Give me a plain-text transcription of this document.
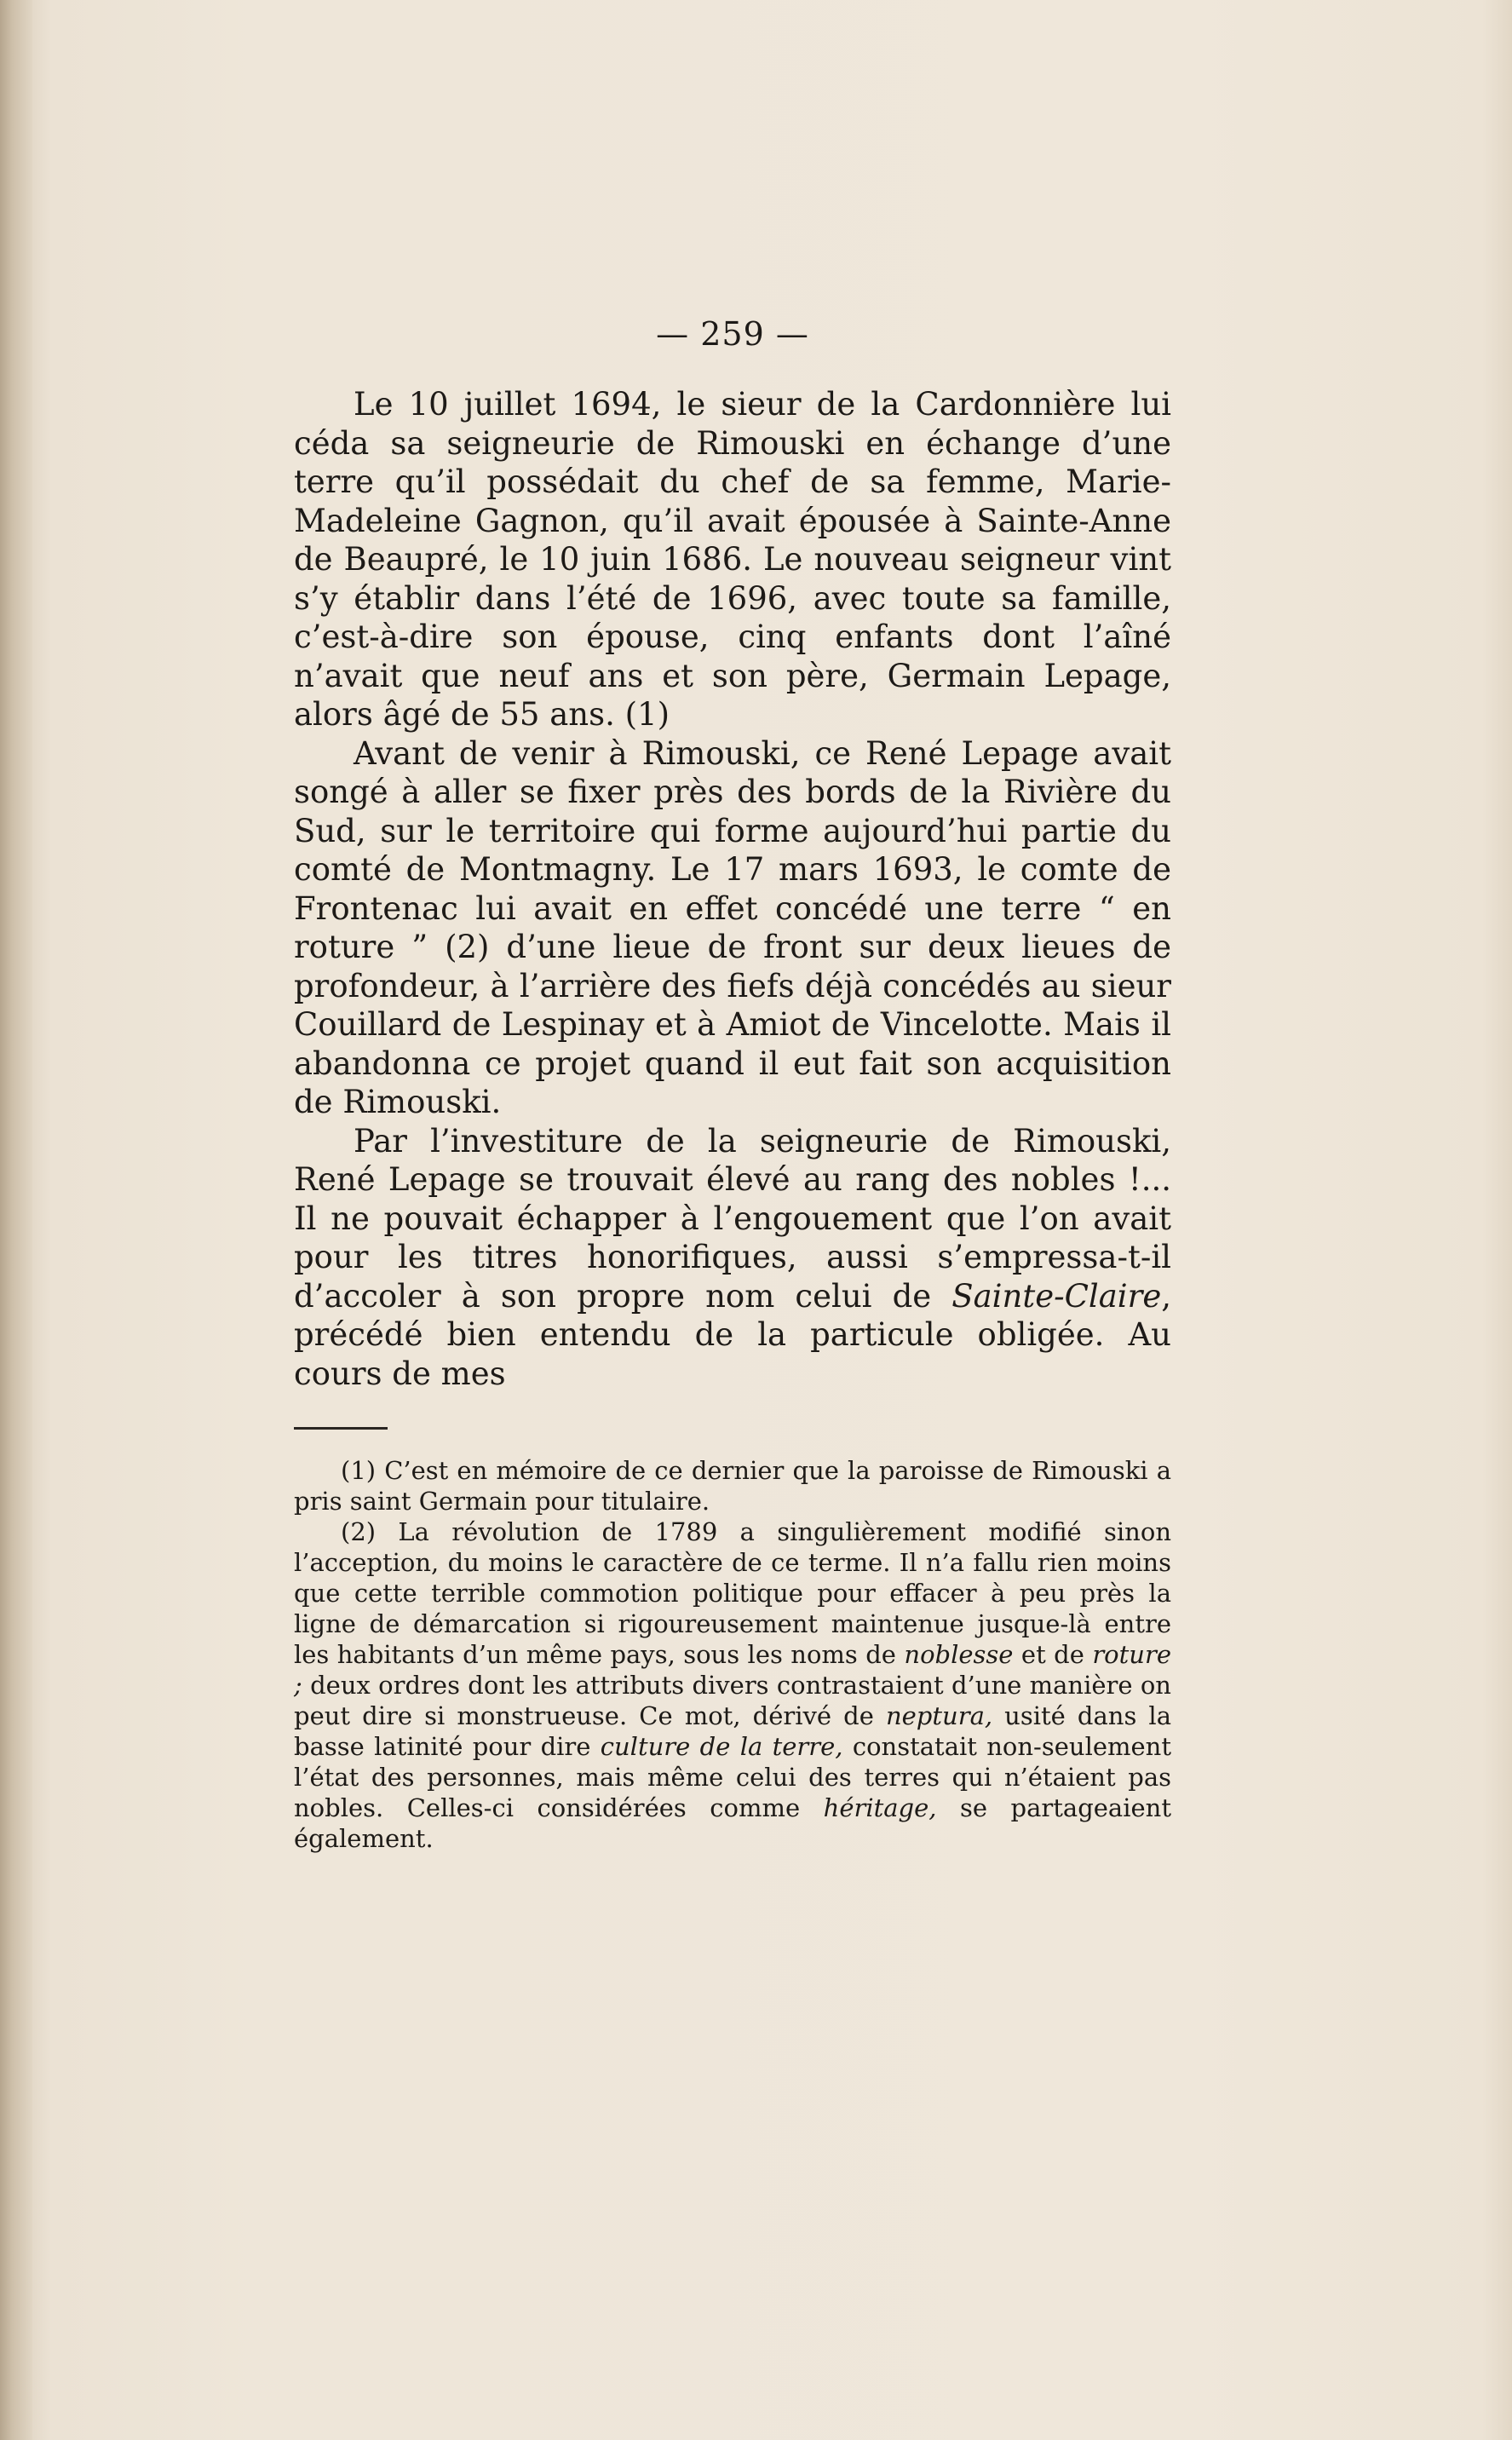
— 259 —

Le 10 juillet 1694, le sieur de la Cardonnière lui céda sa seigneurie de Rimouski en échange d’une terre qu’il possédait du chef de sa femme, Marie-Madeleine Gagnon, qu’il avait épousée à Sainte-Anne de Beaupré, le 10 juin 1686. Le nouveau seigneur vint s’y établir dans l’été de 1696, avec toute sa famille, c’est-à-dire son épouse, cinq enfants dont l’aîné n’avait que neuf ans et son père, Germain Lepage, alors âgé de 55 ans. (1)

Avant de venir à Rimouski, ce René Lepage avait songé à aller se fixer près des bords de la Rivière du Sud, sur le territoire qui forme aujourd’hui partie du comté de Montmagny. Le 17 mars 1693, le comte de Frontenac lui avait en effet concédé une terre “ en roture ” (2) d’une lieue de front sur deux lieues de profondeur, à l’arrière des fiefs déjà concédés au sieur Couillard de Lespinay et à Amiot de Vincelotte. Mais il abandonna ce projet quand il eut fait son acquisition de Rimouski.

Par l’investiture de la seigneurie de Rimouski, René Lepage se trouvait élevé au rang des nobles !... Il ne pouvait échapper à l’engouement que l’on avait pour les titres honorifiques, aussi s’empressa-t-il d’accoler à son propre nom celui de Sainte-Claire, précédé bien entendu de la particule obligée. Au cours de mes

(1) C’est en mémoire de ce dernier que la paroisse de Rimouski a pris saint Germain pour titulaire.

(2) La révolution de 1789 a singulièrement modifié sinon l’acception, du moins le caractère de ce terme. Il n’a fallu rien moins que cette terrible commotion politique pour effacer à peu près la ligne de démarcation si rigoureusement maintenue jusque-là entre les habitants d’un même pays, sous les noms de noblesse et de roture ; deux ordres dont les attributs divers contrastaient d’une manière on peut dire si monstrueuse. Ce mot, dérivé de neptura, usité dans la basse latinité pour dire culture de la terre, constatait non-seulement l’état des personnes, mais même celui des terres qui n’étaient pas nobles. Celles-ci considérées comme héritage, se partageaient également.
